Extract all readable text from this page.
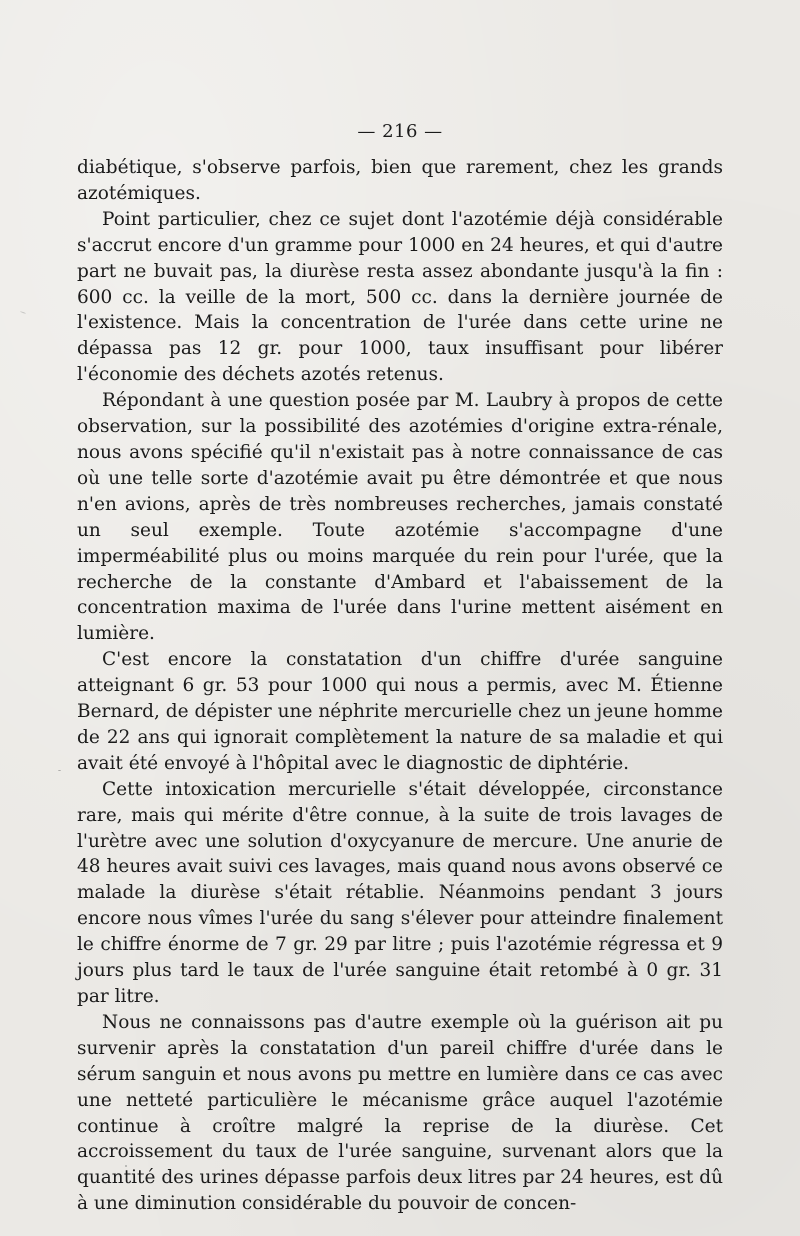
— 216 —

diabétique, s'observe parfois, bien que rarement, chez les grands azotémiques.

Point particulier, chez ce sujet dont l'azotémie déjà considérable s'accrut encore d'un gramme pour 1000 en 24 heures, et qui d'autre part ne buvait pas, la diurèse resta assez abondante jusqu'à la fin : 600 cc. la veille de la mort, 500 cc. dans la dernière journée de l'existence. Mais la concentration de l'urée dans cette urine ne dépassa pas 12 gr. pour 1000, taux insuffisant pour libérer l'économie des déchets azotés retenus.

Répondant à une question posée par M. Laubry à propos de cette observation, sur la possibilité des azotémies d'origine extra-rénale, nous avons spécifié qu'il n'existait pas à notre connaissance de cas où une telle sorte d'azotémie avait pu être démontrée et que nous n'en avions, après de très nombreuses recherches, jamais constaté un seul exemple. Toute azotémie s'accompagne d'une imperméabilité plus ou moins marquée du rein pour l'urée, que la recherche de la constante d'Ambard et l'abaissement de la concentration maxima de l'urée dans l'urine mettent aisément en lumière.

C'est encore la constatation d'un chiffre d'urée sanguine atteignant 6 gr. 53 pour 1000 qui nous a permis, avec M. Étienne Bernard, de dépister une néphrite mercurielle chez un jeune homme de 22 ans qui ignorait complètement la nature de sa maladie et qui avait été envoyé à l'hôpital avec le diagnostic de diphtérie.

Cette intoxication mercurielle s'était développée, circonstance rare, mais qui mérite d'être connue, à la suite de trois lavages de l'urètre avec une solution d'oxycyanure de mercure. Une anurie de 48 heures avait suivi ces lavages, mais quand nous avons observé ce malade la diurèse s'était rétablie. Néanmoins pendant 3 jours encore nous vîmes l'urée du sang s'élever pour atteindre finalement le chiffre énorme de 7 gr. 29 par litre ; puis l'azotémie régressa et 9 jours plus tard le taux de l'urée sanguine était retombé à 0 gr. 31 par litre.

Nous ne connaissons pas d'autre exemple où la guérison ait pu survenir après la constatation d'un pareil chiffre d'urée dans le sérum sanguin et nous avons pu mettre en lumière dans ce cas avec une netteté particulière le mécanisme grâce auquel l'azotémie continue à croître malgré la reprise de la diurèse. Cet accroissement du taux de l'urée sanguine, survenant alors que la quantité des urines dépasse parfois deux litres par 24 heures, est dû à une diminution considérable du pouvoir de concen-
